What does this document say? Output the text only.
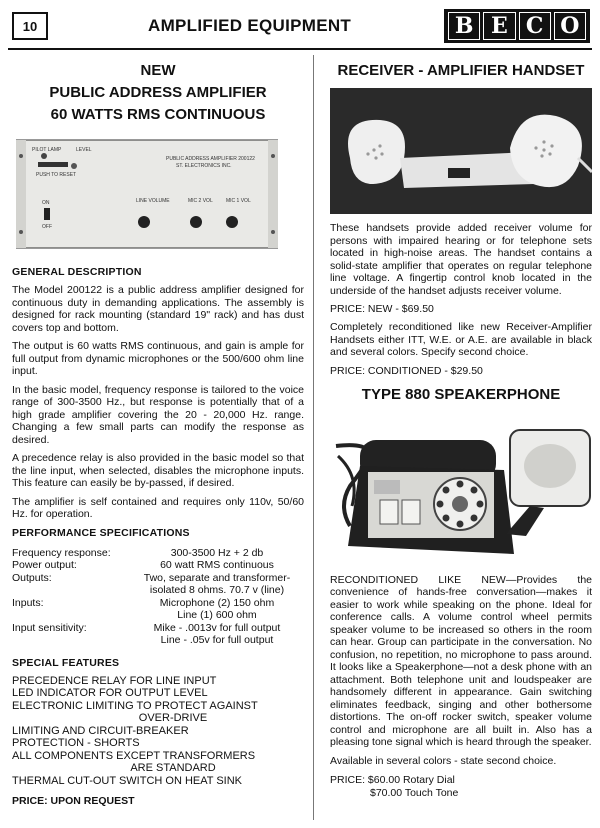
10	AMPLIFIED EQUIPMENT	B E C O
NEW
PUBLIC ADDRESS AMPLIFIER
60 WATTS RMS CONTINUOUS
PILOT LAMP	LEVEL
PUSH TO RESET
PUBLIC ADDRESS AMPLIFIER 200122
ST. ELECTRONICS INC.
ON
OFF
LINE VOLUME	MIC 2 VOL	MIC 1 VOL
GENERAL DESCRIPTION

The Model 200122 is a public address amplifier designed for continuous duty in demanding applications. The assembly is designed for rack mounting (standard 19" rack) and has dust covers top and bottom.

The output is 60 watts RMS continuous, and gain is ample for full output from dynamic microphones or the 500/600 ohm line input.

In the basic model, frequency response is tailored to the voice range of 300-3500 Hz., but response is potentially that of a high grade amplifier covering the 20 - 20,000 Hz. range. Changing a few small parts can modify the response as desired.

A precedence relay is also provided in the basic model so that the line input, when selected, disables the microphone inputs. This feature can easily be by-passed, if desired.

The amplifier is self contained and requires only 110v, 50/60 Hz. for operation.

PERFORMANCE SPECIFICATIONS
Frequency response:	300-3500 Hz + 2 db
Power output:	60 watt RMS continuous
Outputs:	Two, separate and transformer-
isolated 8 ohms. 70.7 v (line)
Inputs:	Microphone (2) 150 ohm
Line (1) 600 ohm
Input sensitivity:	Mike - .0013v for full output
Line - .05v for full output
SPECIAL FEATURES
PRECEDENCE RELAY FOR LINE INPUT
LED INDICATOR FOR OUTPUT LEVEL
ELECTRONIC LIMITING TO PROTECT AGAINST
OVER-DRIVE
LIMITING AND CIRCUIT-BREAKER
PROTECTION - SHORTS
ALL COMPONENTS EXCEPT TRANSFORMERS
ARE STANDARD
THERMAL CUT-OUT SWITCH ON HEAT SINK
PRICE: UPON REQUEST
RECEIVER - AMPLIFIER HANDSET

These handsets provide added receiver volume for persons with impaired hearing or for telephone sets located in high-noise areas. The handset contains a solid-state amplifier that operates on regular telephone line voltage. A fingertip control knob located in the underside of the handset adjusts receiver volume.

PRICE: NEW - $69.50

Completely reconditioned like new Receiver-Amplifier Handsets either ITT, W.E. or A.E. are available in black and several colors. Specify second choice.

PRICE: CONDITIONED - $29.50
TYPE 880 SPEAKERPHONE

RECONDITIONED LIKE NEW—Provides the convenience of hands-free conversation—makes it easier to work while speaking on the phone. Ideal for conference calls. A volume control wheel permits speaker volume to be increased so others in the room can hear. Group can participate in the conversation. No confusion, no repetition, no microphone to pass around. It looks like a Speakerphone—not a desk phone with an attachment. Both telephone unit and loudspeaker are handsomely different in appearance. Gain switching eliminates feedback, singing and other bothersome distortions. The on-off rocker switch, speaker volume control and microphone are all built in. Also has a pleasing tone signal which is heard through the speaker.

Available in several colors - state second choice.
PRICE: $60.00 Rotary Dial
$70.00 Touch Tone
